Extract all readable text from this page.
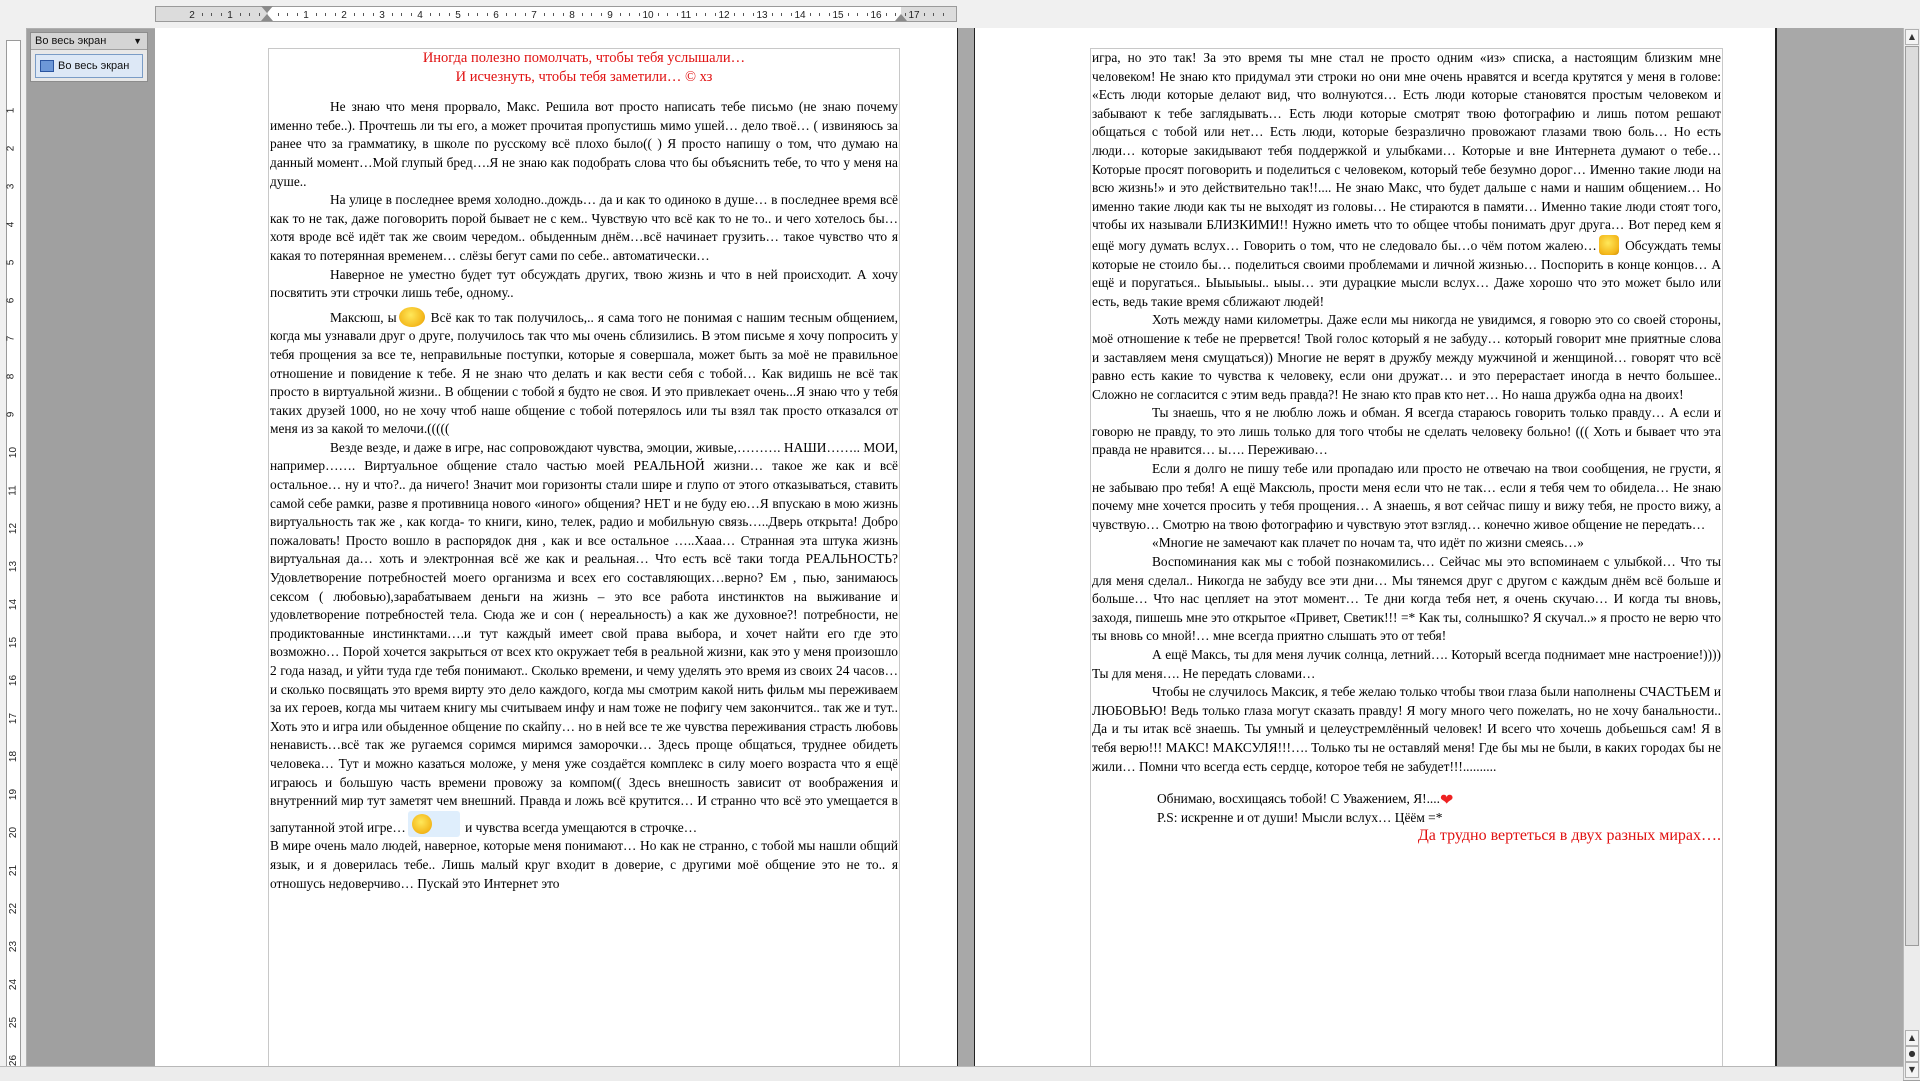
2	1	1	2	3	4	5	6	7	8	9	10	11	12	13	14	15	16	17
1
2
3
4
5
6
7
8
9
10
11
12
13
14
15
16
17
18
19
20
21
22
23
24
25
26
Во весь экран	▼
Во весь экран	Иногда полезно помолчать, чтобы тебя услышали…

И исчезнуть, чтобы тебя заметили… © хз

Не знаю что меня прорвало, Макс. Решила вот просто написать тебе письмо (не знаю почему именно тебе..). Прочтешь ли ты его, а может прочитая пропустишь мимо ушей… дело твоё… ( извиняюсь за ранее что за грамматику, в школе по русскому всё плохо было(( ) Я просто напишу о том, что думаю на данный момент…Мой глупый бред….Я не знаю как подобрать слова что бы объяснить тебе, то что у меня на душе..

На улице в последнее время холодно..дождь… да и как то одиноко в душе… в последнее время всё как то не так, даже поговорить порой бывает не с кем.. Чувствую что всё как то не то.. и чего хотелось бы…хотя вроде всё идёт так же своим чередом.. обыденным днём…всё начинает грузить… такое чувство что я какая то потерянная временем… слёзы бегут сами по себе.. автоматически…

Наверное не уместно будет тут обсуждать других, твою жизнь и что в ней происходит. А хочу посвятить эти строчки лишь тебе, одному..

Максюш, ы Всё как то так получилось,.. я сама того не понимая с нашим тесным общением, когда мы узнавали друг о друге, получилось так что мы очень сблизились. В этом письме я хочу попросить у тебя прощения за все те, неправильные поступки, которые я совершала, может быть за моё не правильное отношение и повидение к тебе. Я не знаю что делать и как вести себя с тобой… Как видишь не всё так просто в виртуальной жизни.. В общении с тобой я будто не своя. И это привлекает очень...Я знаю что у тебя таких друзей 1000, но не хочу чтоб наше общение с тобой потерялось или ты взял так просто отказался от меня из за какой то мелочи.(((((

Везде везде, и даже в игре, нас сопровождают чувства, эмоции, живые,………. НАШИ…….. МОИ, например……. Виртуальное общение стало частью моей РЕАЛЬНОЙ жизни… такое же как и всё остальное… ну и что?.. да ничего! Значит мои горизонты стали шире и глупо от этого отказываться, ставить самой себе рамки, разве я противница нового «иного» общения? НЕТ и не буду ею…Я впускаю в мою жизнь виртуальность так же , как когда- то книги, кино, телек, радио и мобильную связь…..Дверь открыта! Добро пожаловать! Просто вошло в распорядок дня , как и все остальное …..Хааа… Странная эта штука жизнь виртуальная да… хоть и электронная всё же как и реальная… Что есть всё таки тогда РЕАЛЬНОСТЬ? Удовлетворение потребностей моего организма и всех его составляющих…верно? Ем , пью, занимаюсь сексом ( любовью),зарабатываем деньги на жизнь – это все работа инстинктов на выживание и удовлетворение потребностей тела. Сюда же и сон ( нереальность) а как же духовное?! потребности, не продиктованные инстинктами….и тут каждый имеет свой права выбора, и хочет найти его где это возможно… Порой хочется закрыться от всех кто окружает тебя в реальной жизни, как это у меня произошло 2 года назад, и уйти туда где тебя понимают.. Сколько времени, и чему уделять это время из своих 24 часов… и сколько посвящать это время вирту это дело каждого, когда мы смотрим какой нить фильм мы переживаем за их героев, когда мы читаем книгу мы считываем инфу и нам тоже не пофигу чем закончится.. так же и тут.. Хоть это и игра или обыденное общение по скайпу… но в ней все те же чувства переживания страсть любовь ненависть…всё так же ругаемся соримся миримся заморочки… Здесь проще общаться, труднее обидеть человека… Тут и можно казаться моложе, у меня уже создаётся комплекс в силу моего возраста что я ещё играюсь и большую часть времени провожу за компом(( Здесь внешность зависит от воображения и внутренний мир тут заметят чем внешний. Правда и ложь всё крутится… И странно что всё это умещается в запутанной этой игре…	и чувства всегда умещаются в строчке…

В мире очень мало людей, наверное, которые меня понимают… Но как не странно, с тобой мы нашли общий язык, и я доверилась тебе.. Лишь малый круг входит в доверие, с другими моё общение это не то.. я отношусь недоверчиво… Пускай это Интернет это

игра, но это так! За это время ты мне стал не просто одним «из» списка, а настоящим близким мне человеком! Не знаю кто придумал эти строки но они мне очень нравятся и всегда крутятся у меня в голове: «Есть люди которые делают вид, что волнуются… Есть люди которые становятся простым человеком и забывают к тебе заглядывать… Есть люди которые смотрят твою фотографию и лишь потом решают общаться с тобой или нет… Есть люди, которые безразлично провожают глазами твою боль… Но есть люди… которые закидывают тебя поддержкой и улыбками… Которые и вне Интернета думают о тебе… Которые просят поговорить и поделиться с человеком, который тебе безумно дорог… Именно такие люди на всю жизнь!» и это действительно так!!.... Не знаю Макс, что будет дальше с нами и нашим общением… Но именно такие люди как ты не выходят из головы… Не стираются в памяти… Именно такие люди стоят того, чтобы их называли БЛИЗКИМИ!! Нужно иметь что то общее чтобы понимать друг друга… Вот перед кем я ещё могу думать вслух… Говорить о том, что не следовало бы…о чём потом жалею… Обсуждать темы которые не стоило бы… поделиться своими проблемами и личной жизнью… Поспорить в конце концов… А ещё и поругаться.. Ыыыыыы.. ыыы… эти дурацкие мысли вслух… Даже хорошо что это может было или есть, ведь такие время сближают людей!

Хоть между нами километры. Даже если мы никогда не увидимся, я говорю это со своей стороны, моё отношение к тебе не прервется! Твой голос который я не забуду… который говорит мне приятные слова и заставляем меня смущаться)) Многие не верят в дружбу между мужчиной и женщиной… говорят что всё равно есть какие то чувства к человеку, если они дружат… и это перерастает иногда в нечто большее.. Сложно не согласится с этим ведь правда?! Не знаю кто прав кто нет… Но наша дружба одна на двоих!

Ты знаешь, что я не люблю ложь и обман. Я всегда стараюсь говорить только правду… А если и говорю не правду, то это лишь только для того чтобы не сделать человеку больно! ((( Хоть и бывает что эта правда не нравится… ы…. Переживаю…

Если я долго не пишу тебе или пропадаю или просто не отвечаю на твои сообщения, не грусти, я не забываю про тебя! А ещё Максюль, прости меня если что не так… если я тебя чем то обидела… Не знаю почему мне хочется просить у тебя прощения… А знаешь, я вот сейчас пишу и вижу тебя, не просто вижу, а чувствую… Смотрю на твою фотографию и чувствую этот взгляд… конечно живое общение не передать…

«Многие не замечают как плачет по ночам та, что идёт по жизни смеясь…»

Воспоминания как мы с тобой познакомились… Сейчас мы это вспоминаем с улыбкой… Что ты для меня сделал.. Никогда не забуду все эти дни… Мы тянемся друг с другом с каждым днём всё больше и больше… Что нас цепляет на этот момент… Те дни когда тебя нет, я очень скучаю… И когда ты вновь, заходя, пишешь мне это открытое «Привет, Светик!!! =* Как ты, солнышко? Я скучал..» я просто не верю что ты вновь со мной!… мне всегда приятно слышать это от тебя!

А ещё Максь, ты для меня лучик солнца, летний…. Который всегда поднимает мне настроение!)))) Ты для меня…. Не передать словами…

Чтобы не случилось Максик, я тебе желаю только чтобы твои глаза были наполнены СЧАСТЬЕМ и ЛЮБОВЬЮ! Ведь только глаза могут сказать правду! Я могу много чего пожелать, но не хочу банальности.. Да и ты итак всё знаешь. Ты умный и целеустремлённый человек! И всего что хочешь добьешься сам! Я в тебя верю!!! МАКС! МАКСУЛЯ!!!…. Только ты не оставляй меня! Где бы мы не были, в каких городах бы не жили… Помни что всегда есть сердце, которое тебя не забудет!!!..........

Обнимаю, восхищаясь тобой! С Уважением, Я!....❤

P.S: искренне и от души! Мысли вслух… Цёём =*

Да трудно вертеться в двух разных мирах….

▲
▲
●
▼
